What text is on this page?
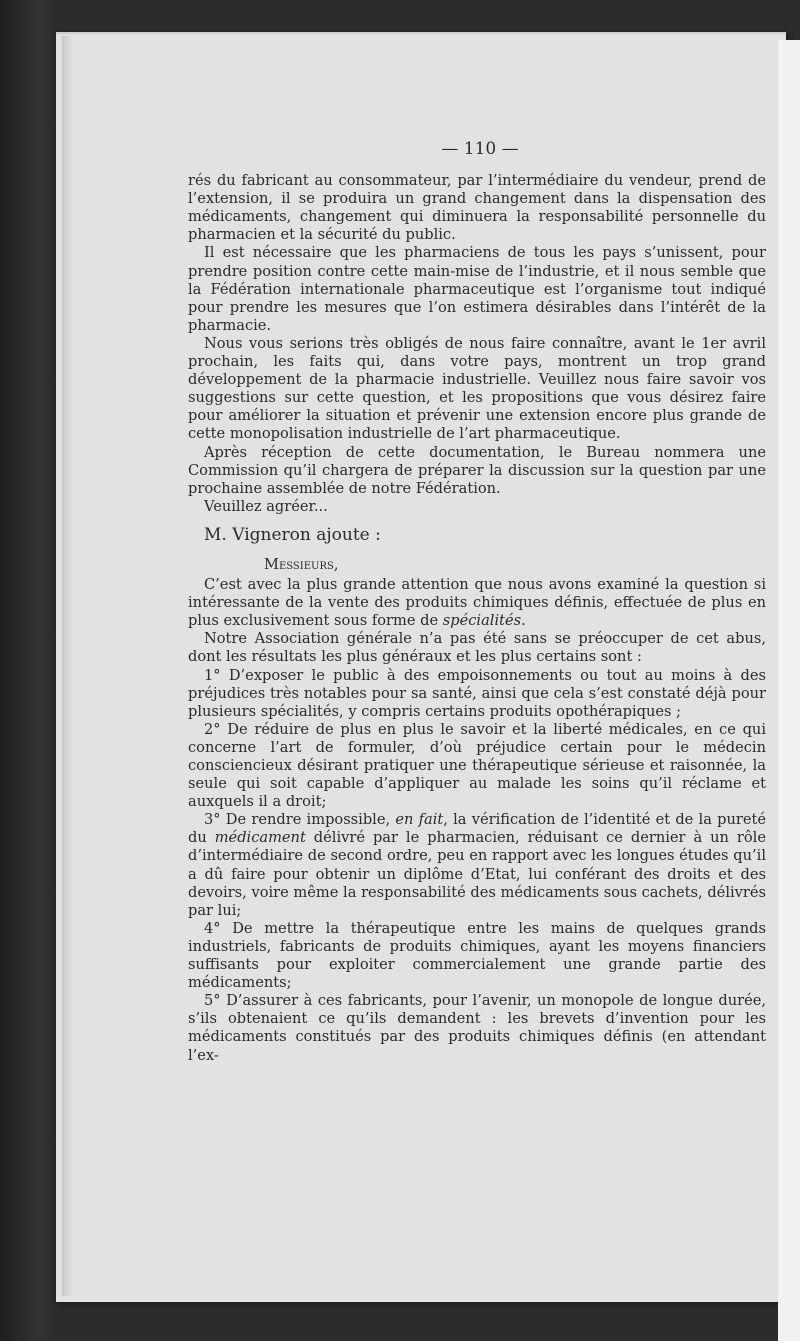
— 110 —

rés du fabricant au consommateur, par l’intermédiaire du vendeur, prend de l’extension, il se produira un grand changement dans la dispensation des médicaments, changement qui diminuera la responsabilité personnelle du pharmacien et la sécurité du public.

Il est nécessaire que les pharmaciens de tous les pays s’unissent, pour prendre position contre cette main-mise de l’industrie, et il nous semble que la Fédération internationale pharmaceutique est l’organisme tout indiqué pour prendre les mesures que l’on estimera désirables dans l’intérêt de la pharmacie.

Nous vous serions très obligés de nous faire connaître, avant le 1er avril prochain, les faits qui, dans votre pays, montrent un trop grand développement de la pharmacie industrielle. Veuillez nous faire savoir vos suggestions sur cette question, et les propositions que vous désirez faire pour améliorer la situation et prévenir une extension encore plus grande de cette monopolisation industrielle de l’art pharmaceutique.

Après réception de cette documentation, le Bureau nommera une Commission qu’il chargera de préparer la discussion sur la question par une prochaine assemblée de notre Fédération.

Veuillez agréer...

M. Vigneron ajoute :

Messieurs,

C’est avec la plus grande attention que nous avons examiné la question si intéressante de la vente des produits chimiques définis, effectuée de plus en plus exclusivement sous forme de spécialités.

Notre Association générale n’a pas été sans se préoccuper de cet abus, dont les résultats les plus généraux et les plus certains sont :

1° D’exposer le public à des empoisonnements ou tout au moins à des préjudices très notables pour sa santé, ainsi que cela s’est constaté déjà pour plusieurs spécialités, y compris certains produits opothérapiques ;

2° De réduire de plus en plus le savoir et la liberté médicales, en ce qui concerne l’art de formuler, d’où préjudice certain pour le médecin consciencieux désirant pratiquer une thérapeutique sérieuse et raisonnée, la seule qui soit capable d’appliquer au malade les soins qu’il réclame et auxquels il a droit;

3° De rendre impossible, en fait, la vérification de l’identité et de la pureté du médicament délivré par le pharmacien, réduisant ce dernier à un rôle d’intermédiaire de second ordre, peu en rapport avec les longues études qu’il a dû faire pour obtenir un diplôme d’Etat, lui conférant des droits et des devoirs, voire même la responsabilité des médicaments sous cachets, délivrés par lui;

4° De mettre la thérapeutique entre les mains de quelques grands industriels, fabricants de produits chimiques, ayant les moyens financiers suffisants pour exploiter commercialement une grande partie des médicaments;

5° D’assurer à ces fabricants, pour l’avenir, un monopole de longue durée, s’ils obtenaient ce qu’ils demandent : les brevets d’invention pour les médicaments constitués par des produits chimiques définis (en attendant l’ex-
